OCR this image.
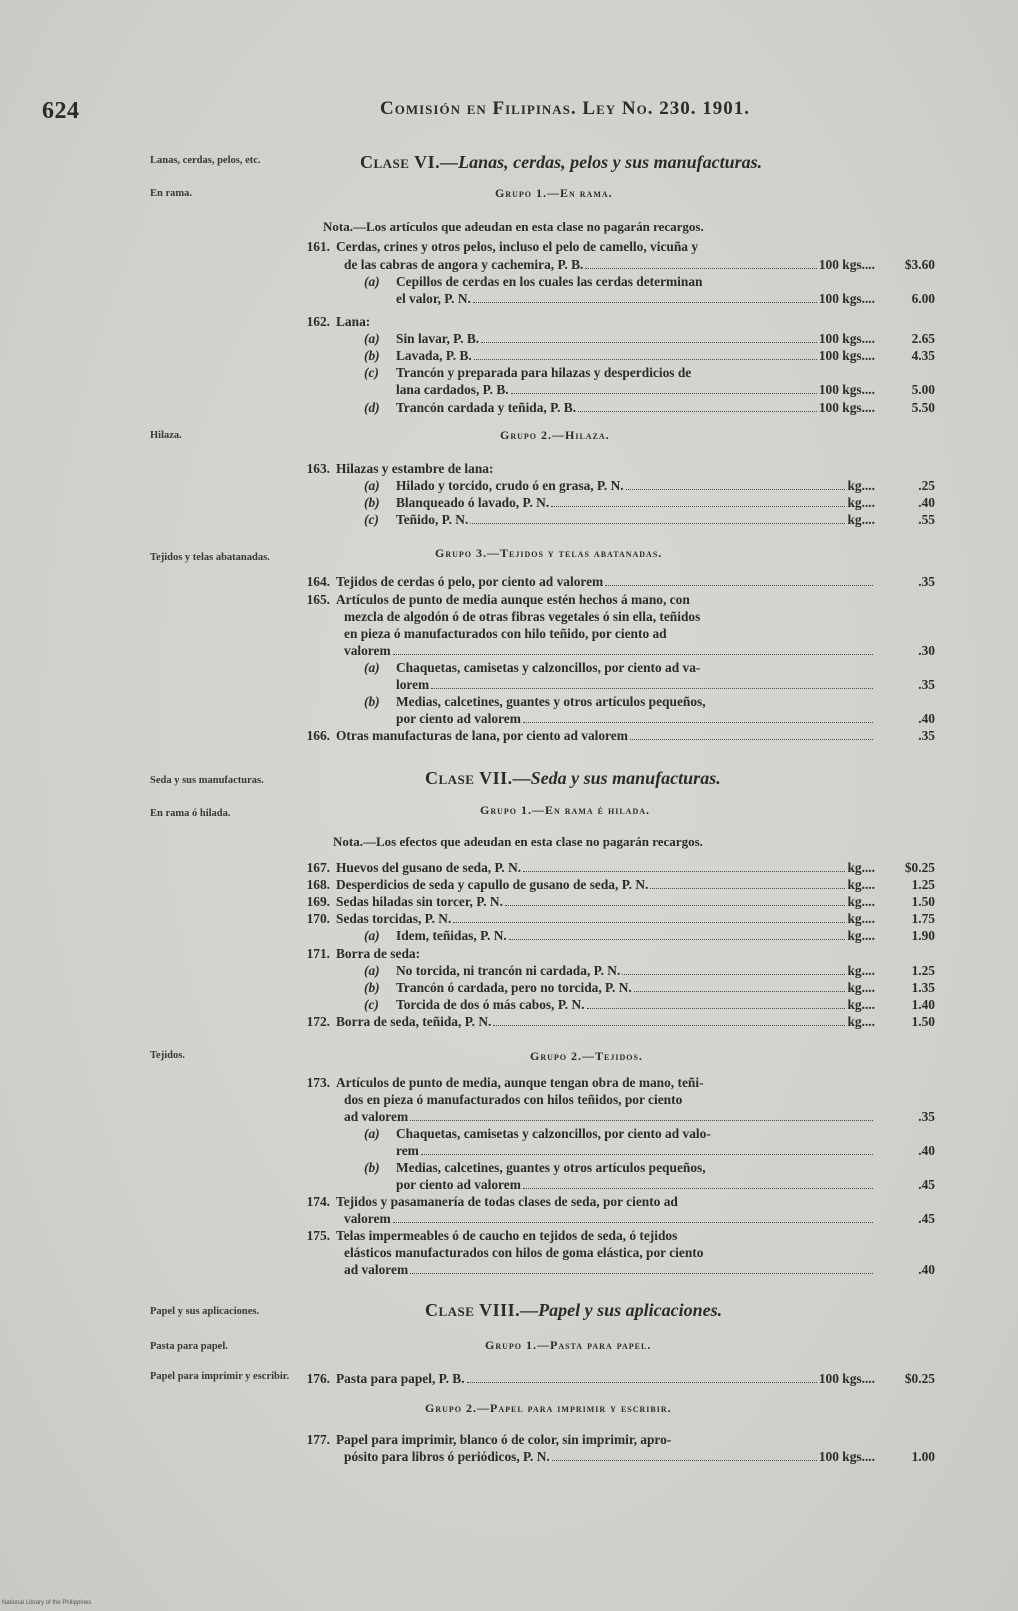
624	Comisión en Filipinas. Ley No. 230. 1901.
Lanas, cerdas, pelos, etc.
En rama.
Hilaza.
Tejidos y telas abatanadas.
Seda y sus manufacturas.
En rama ó hilada.
Tejidos.
Papel y sus aplicaciones.
Pasta para papel.
Papel para imprimir y escribir.
Clase VI.—Lanas, cerdas, pelos y sus manufacturas.
Grupo 1.—En rama.
Nota.—Los artículos que adeudan en esta clase no pagarán recargos.
Grupo 2.—Hilaza.
Grupo 3.—Tejidos y telas abatanadas.
Clase VII.—Seda y sus manufacturas.
Grupo 1.—En rama é hilada.
Nota.—Los efectos que adeudan en esta clase no pagarán recargos.
Grupo 2.—Tejidos.
Clase VIII.—Papel y sus aplicaciones.
Grupo 1.—Pasta para papel.
Grupo 2.—Papel para imprimir y escribir.
161. Cerdas, crines y otros pelos, incluso el pelo de camello, vicuña y
de las cabras de angora y cachemira, P. B.	100 kgs....	$3.60
(a)	Cepillos de cerdas en los cuales las cerdas determinan
el valor, P. N.	100 kgs....	6.00
162. Lana:
(a)	Sin lavar, P. B.	100 kgs....	2.65
(b)	Lavada, P. B.	100 kgs....	4.35
(c)	Trancón y preparada para hilazas y desperdicios de
lana cardados, P. B.	100 kgs....	5.00
(d)	Trancón cardada y teñida, P. B.	100 kgs....	5.50
163. Hilazas y estambre de lana:
(a)	Hilado y torcido, crudo ó en grasa, P. N.	kg....	.25
(b)	Blanqueado ó lavado, P. N.	kg....	.40
(c)	Teñido, P. N.	kg....	.55
164. Tejidos de cerdas ó pelo, por ciento ad valorem	.35
165. Artículos de punto de media aunque estén hechos á mano, con
mezcla de algodón ó de otras fibras vegetales ó sin ella, teñidos
en pieza ó manufacturados con hilo teñido, por ciento ad
valorem	.30
(a)	Chaquetas, camisetas y calzoncillos, por ciento ad va-
lorem	.35
(b)	Medias, calcetines, guantes y otros artículos pequeños,
por ciento ad valorem	.40
166. Otras manufacturas de lana, por ciento ad valorem	.35
167. Huevos del gusano de seda, P. N.	kg....	$0.25
168. Desperdicios de seda y capullo de gusano de seda, P. N.	kg....	1.25
169. Sedas hiladas sin torcer, P. N.	kg....	1.50
170. Sedas torcidas, P. N.	kg....	1.75
(a)	Idem, teñidas, P. N.	kg....	1.90
171. Borra de seda:
(a)	No torcida, ni trancón ni cardada, P. N.	kg....	1.25
(b)	Trancón ó cardada, pero no torcida, P. N.	kg....	1.35
(c)	Torcida de dos ó más cabos, P. N.	kg....	1.40
172. Borra de seda, teñida, P. N.	kg....	1.50
173. Artículos de punto de media, aunque tengan obra de mano, teñi-
dos en pieza ó manufacturados con hilos teñidos, por ciento
ad valorem	.35
(a)	Chaquetas, camisetas y calzoncillos, por ciento ad valo-
rem	.40
(b)	Medias, calcetines, guantes y otros artículos pequeños,
por ciento ad valorem	.45
174. Tejidos y pasamanería de todas clases de seda, por ciento ad
valorem	.45
175. Telas impermeables ó de caucho en tejidos de seda, ó tejidos
elásticos manufacturados con hilos de goma elástica, por ciento
ad valorem	.40
176. Pasta para papel, P. B.	100 kgs....	$0.25
177. Papel para imprimir, blanco ó de color, sin imprimir, apro-
pósito para libros ó periódicos, P. N.	100 kgs....	1.00
National Library of the Philippines
